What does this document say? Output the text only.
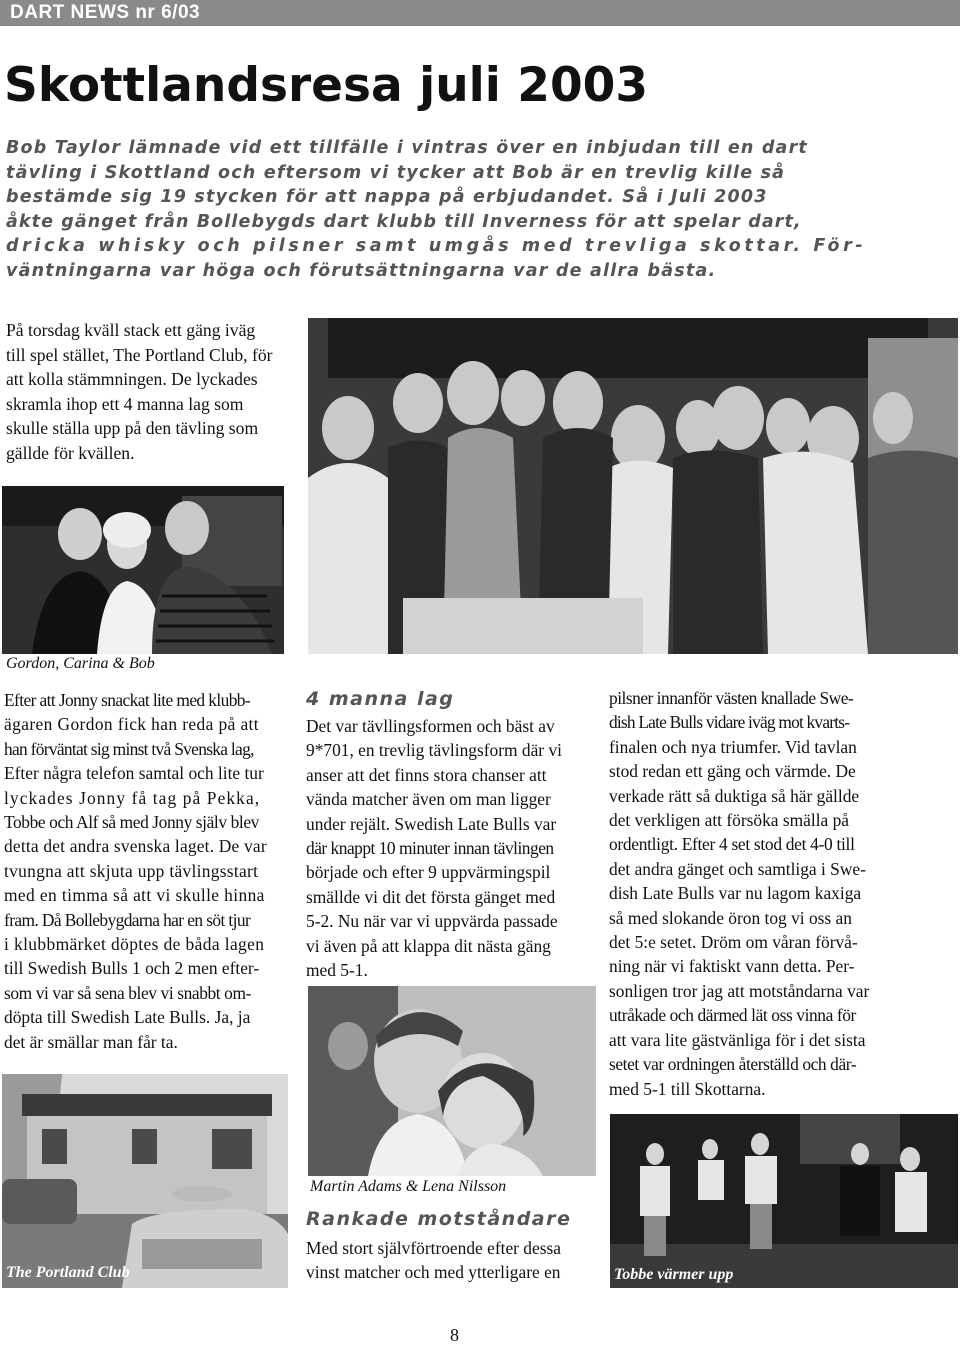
DART NEWS nr 6/03
Skottlandsresa juli 2003
Bob Taylor lämnade vid ett tillfälle i vintras över en inbjudan till en dart
tävling i Skottland och eftersom vi tycker att Bob är en trevlig kille så
bestämde sig 19 stycken för att nappa på erbjudandet. Så i Juli 2003
åkte gänget från Bollebygds dart klubb till Inverness för att spelar dart,
dricka whisky och pilsner samt umgås med trevliga skottar. För-
väntningarna var höga och förutsättningarna var de allra bästa.
På torsdag kväll stack ett gäng iväg
till spel stället, The Portland Club, för
att kolla stämmningen. De lyckades
skramla ihop ett 4 manna lag som
skulle ställa upp på den tävling som
gällde för kvällen.
Gordon, Carina & Bob
Efter att Jonny snackat lite med klubb-
ägaren Gordon fick han reda på att
han förväntat sig minst två Svenska lag,
Efter några telefon samtal och lite tur
lyckades Jonny få tag på Pekka,
Tobbe och Alf så med Jonny själv blev
detta det andra svenska laget. De var
tvungna att skjuta upp tävlingsstart
med en timma så att vi skulle hinna
fram. Då Bollebygdarna har en söt tjur
i klubbmärket döptes de båda lagen
till Swedish Bulls 1 och 2 men efter-
som vi var så sena blev vi snabbt om-
döpta till Swedish Late Bulls. Ja, ja
det är smällar man får ta.
4 manna lag
Det var tävllingsformen och bäst av
9*701, en trevlig tävlingsform där vi
anser att det finns stora chanser att
vända matcher även om man ligger
under rejält. Swedish Late Bulls var
där knappt 10 minuter innan tävlingen
började och efter 9 uppvärmingspil
smällde vi dit det första gänget med
5-2. Nu när var vi uppvärda passade
vi även på att klappa dit nästa gäng
med 5-1.
pilsner innanför västen knallade Swe-
dish Late Bulls vidare iväg mot kvarts-
finalen och nya triumfer. Vid tavlan
stod redan ett gäng och värmde. De
verkade rätt så duktiga så här gällde
det verkligen att försöka smälla på
ordentligt. Efter 4 set stod det 4-0 till
det andra gänget och samtliga i Swe-
dish Late Bulls var nu lagom kaxiga
så med slokande öron tog vi oss an
det 5:e setet. Dröm om våran förvå-
ning när vi faktiskt vann detta. Per-
sonligen tror jag att motståndarna var
utråkade och därmed lät oss vinna för
att vara lite gästvänliga för i det sista
setet var ordningen återställd och där-
med 5-1 till Skottarna.
Martin Adams & Lena Nilsson
Rankade motståndare
Med stort självförtroende efter dessa
vinst matcher och med ytterligare en
The Portland Club	Tobbe värmer upp
8
